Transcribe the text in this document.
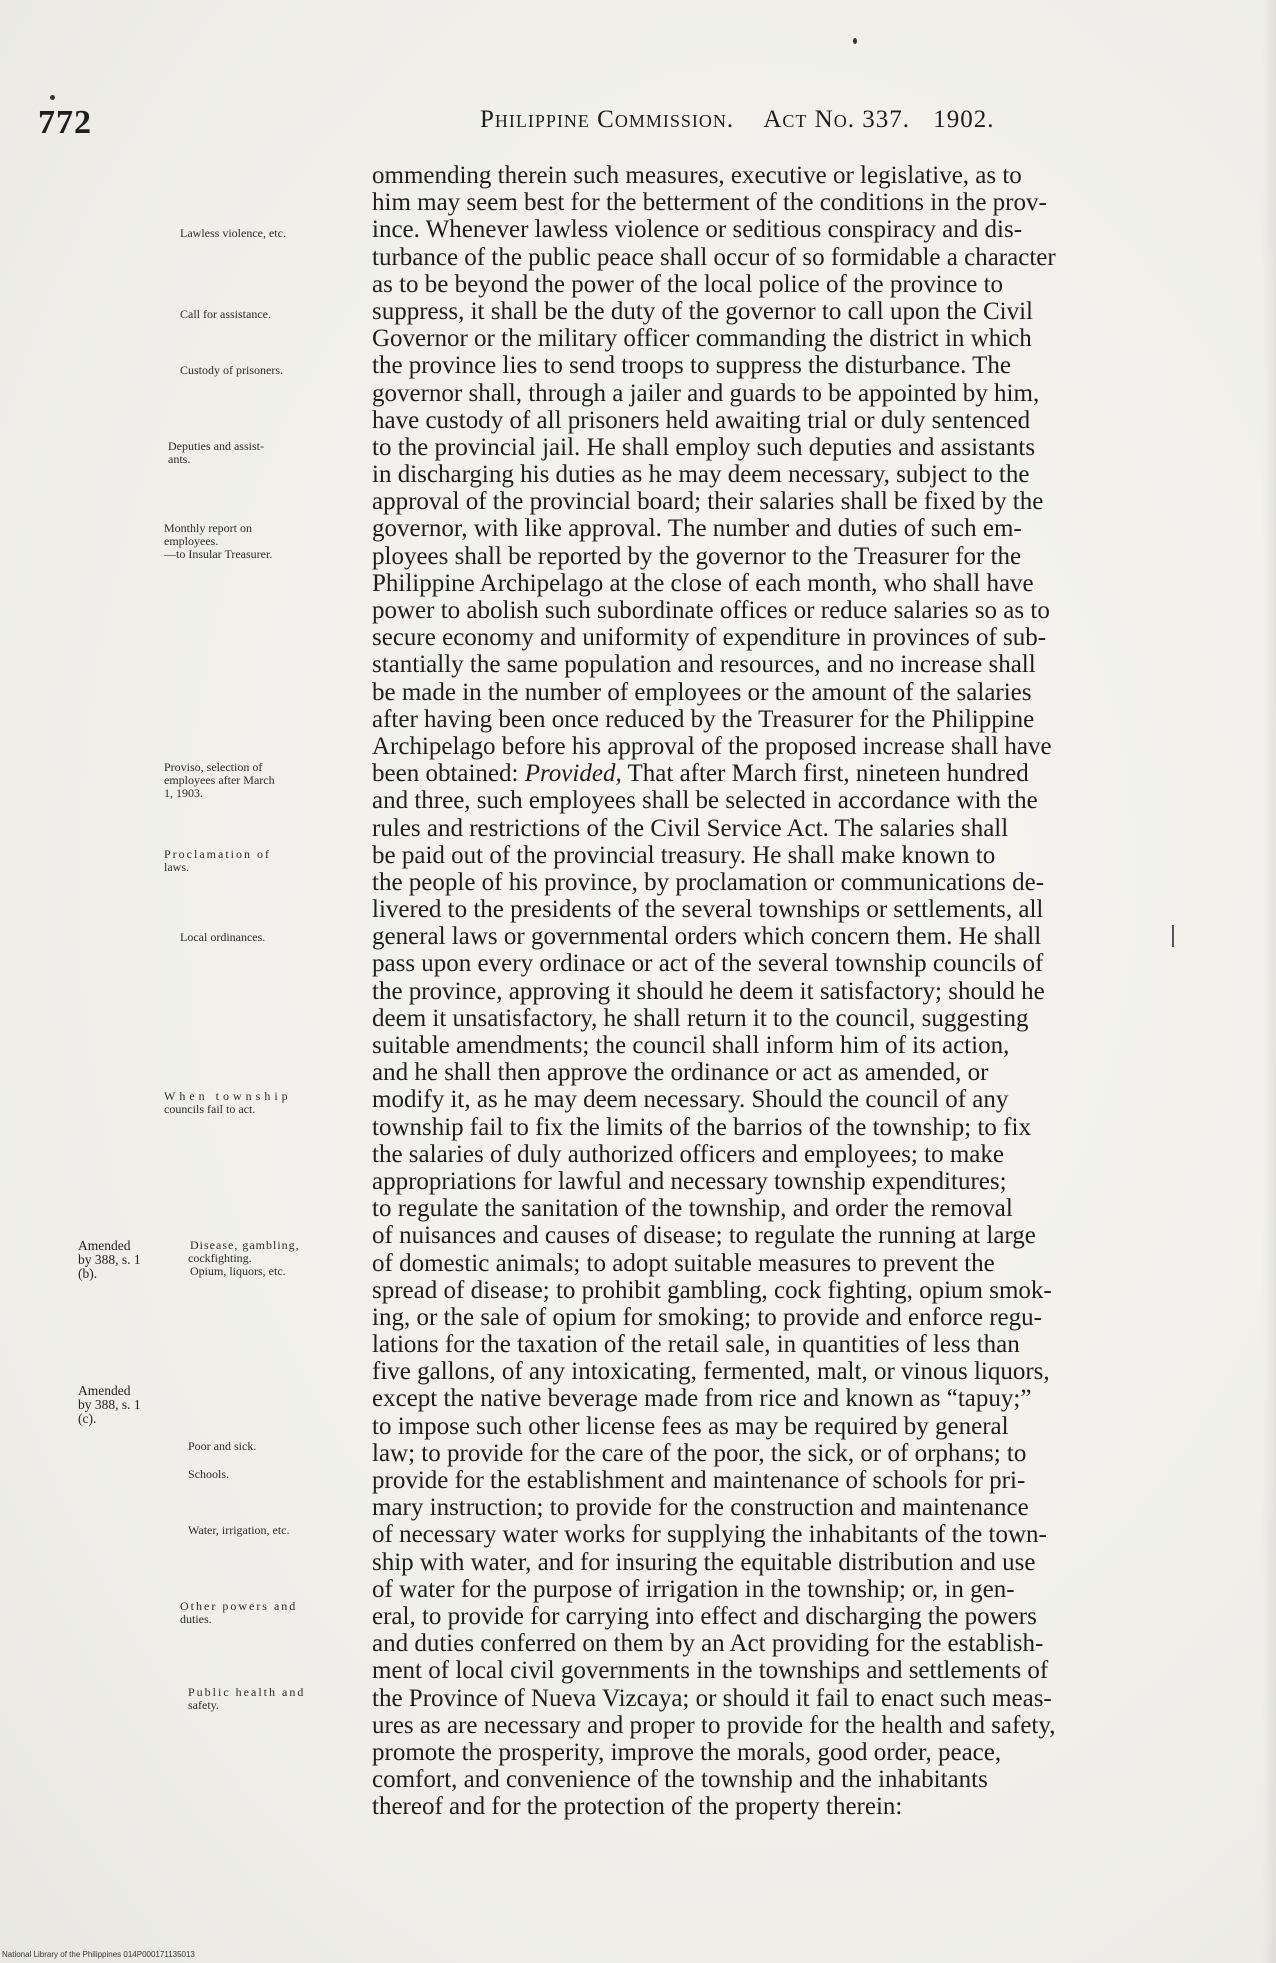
772	Philippine Commission. Act No. 337. 1902.
Amended
by 388, s. 1
(b).
Amended
by 388, s. 1
(c).
Lawless violence, etc.
Call for assistance.
Custody of prisoners.
Deputies and assist-
ants.
Monthly report on
employees.
—to Insular Treasurer.
Proviso, selection of
employees after March
1, 1903.
Proclamation of
laws.
Local ordinances.
When township
councils fail to act.
Disease, gambling,
cockfighting.
Opium, liquors, etc.
Poor and sick.
Schools.
Water, irrigation, etc.
Other powers and
duties.
Public health and
safety.
ommending therein such measures, executive or legislative, as to
him may seem best for the betterment of the conditions in the prov-
ince. Whenever lawless violence or seditious conspiracy and dis-
turbance of the public peace shall occur of so formidable a character
as to be beyond the power of the local police of the province to
suppress, it shall be the duty of the governor to call upon the Civil
Governor or the military officer commanding the district in which
the province lies to send troops to suppress the disturbance. The
governor shall, through a jailer and guards to be appointed by him,
have custody of all prisoners held awaiting trial or duly sentenced
to the provincial jail. He shall employ such deputies and assistants
in discharging his duties as he may deem necessary, subject to the
approval of the provincial board; their salaries shall be fixed by the
governor, with like approval. The number and duties of such em-
ployees shall be reported by the governor to the Treasurer for the
Philippine Archipelago at the close of each month, who shall have
power to abolish such subordinate offices or reduce salaries so as to
secure economy and uniformity of expenditure in provinces of sub-
stantially the same population and resources, and no increase shall
be made in the number of employees or the amount of the salaries
after having been once reduced by the Treasurer for the Philippine
Archipelago before his approval of the proposed increase shall have
been obtained: Provided, That after March first, nineteen hundred
and three, such employees shall be selected in accordance with the
rules and restrictions of the Civil Service Act. The salaries shall
be paid out of the provincial treasury. He shall make known to
the people of his province, by proclamation or communications de-
livered to the presidents of the several townships or settlements, all
general laws or governmental orders which concern them. He shall
pass upon every ordinace or act of the several township councils of
the province, approving it should he deem it satisfactory; should he
deem it unsatisfactory, he shall return it to the council, suggesting
suitable amendments; the council shall inform him of its action,
and he shall then approve the ordinance or act as amended, or
modify it, as he may deem necessary. Should the council of any
township fail to fix the limits of the barrios of the township; to fix
the salaries of duly authorized officers and employees; to make
appropriations for lawful and necessary township expenditures;
to regulate the sanitation of the township, and order the removal
of nuisances and causes of disease; to regulate the running at large
of domestic animals; to adopt suitable measures to prevent the
spread of disease; to prohibit gambling, cock fighting, opium smok-
ing, or the sale of opium for smoking; to provide and enforce regu-
lations for the taxation of the retail sale, in quantities of less than
five gallons, of any intoxicating, fermented, malt, or vinous liquors,
except the native beverage made from rice and known as “tapuy;”
to impose such other license fees as may be required by general
law; to provide for the care of the poor, the sick, or of orphans; to
provide for the establishment and maintenance of schools for pri-
mary instruction; to provide for the construction and maintenance
of necessary water works for supplying the inhabitants of the town-
ship with water, and for insuring the equitable distribution and use
of water for the purpose of irrigation in the township; or, in gen-
eral, to provide for carrying into effect and discharging the powers
and duties conferred on them by an Act providing for the establish-
ment of local civil governments in the townships and settlements of
the Province of Nueva Vizcaya; or should it fail to enact such meas-
ures as are necessary and proper to provide for the health and safety,
promote the prosperity, improve the morals, good order, peace,
comfort, and convenience of the township and the inhabitants
thereof and for the protection of the property therein:
National Library of the Philippines 014P000171135013
